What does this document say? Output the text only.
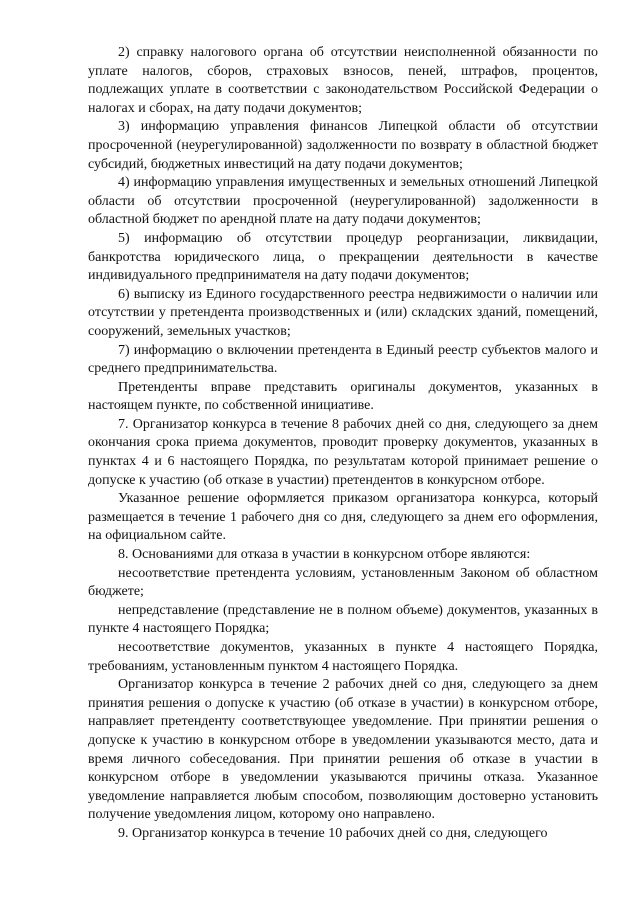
2) справку налогового органа об отсутствии неисполненной обязанности по уплате налогов, сборов, страховых взносов, пеней, штрафов, процентов, подлежащих уплате в соответствии с законодательством Российской Федерации о налогах и сборах, на дату подачи документов;

3) информацию управления финансов Липецкой области об отсутствии просроченной (неурегулированной) задолженности по возврату в областной бюджет субсидий, бюджетных инвестиций на дату подачи документов;

4) информацию управления имущественных и земельных отношений Липецкой области об отсутствии просроченной (неурегулированной) задолженности в областной бюджет по арендной плате на дату подачи документов;

5) информацию об отсутствии процедур реорганизации, ликвидации, банкротства юридического лица, о прекращении деятельности в качестве индивидуального предпринимателя на дату подачи документов;

6) выписку из Единого государственного реестра недвижимости о наличии или отсутствии у претендента производственных и (или) складских зданий, помещений, сооружений, земельных участков;

7) информацию о включении претендента в Единый реестр субъектов малого и среднего предпринимательства.

Претенденты вправе представить оригиналы документов, указанных в настоящем пункте, по собственной инициативе.

7. Организатор конкурса в течение 8 рабочих дней со дня, следующего за днем окончания срока приема документов, проводит проверку документов, указанных в пунктах 4 и 6 настоящего Порядка, по результатам которой принимает решение о допуске к участию (об отказе в участии) претендентов в конкурсном отборе.

Указанное решение оформляется приказом организатора конкурса, который размещается в течение 1 рабочего дня со дня, следующего за днем его оформления, на официальном сайте.

8. Основаниями для отказа в участии в конкурсном отборе являются:

несоответствие претендента условиям, установленным Законом об областном бюджете;

непредставление (представление не в полном объеме) документов, указанных в пункте 4 настоящего Порядка;

несоответствие документов, указанных в пункте 4 настоящего Порядка, требованиям, установленным пунктом 4 настоящего Порядка.

Организатор конкурса в течение 2 рабочих дней со дня, следующего за днем принятия решения о допуске к участию (об отказе в участии) в конкурсном отборе, направляет претенденту соответствующее уведомление. При принятии решения о допуске к участию в конкурсном отборе в уведомлении указываются место, дата и время личного собеседования. При принятии решения об отказе в участии в конкурсном отборе в уведомлении указываются причины отказа. Указанное уведомление направляется любым способом, позволяющим достоверно установить получение уведомления лицом, которому оно направлено.

9. Организатор конкурса в течение 10 рабочих дней со дня, следующего
